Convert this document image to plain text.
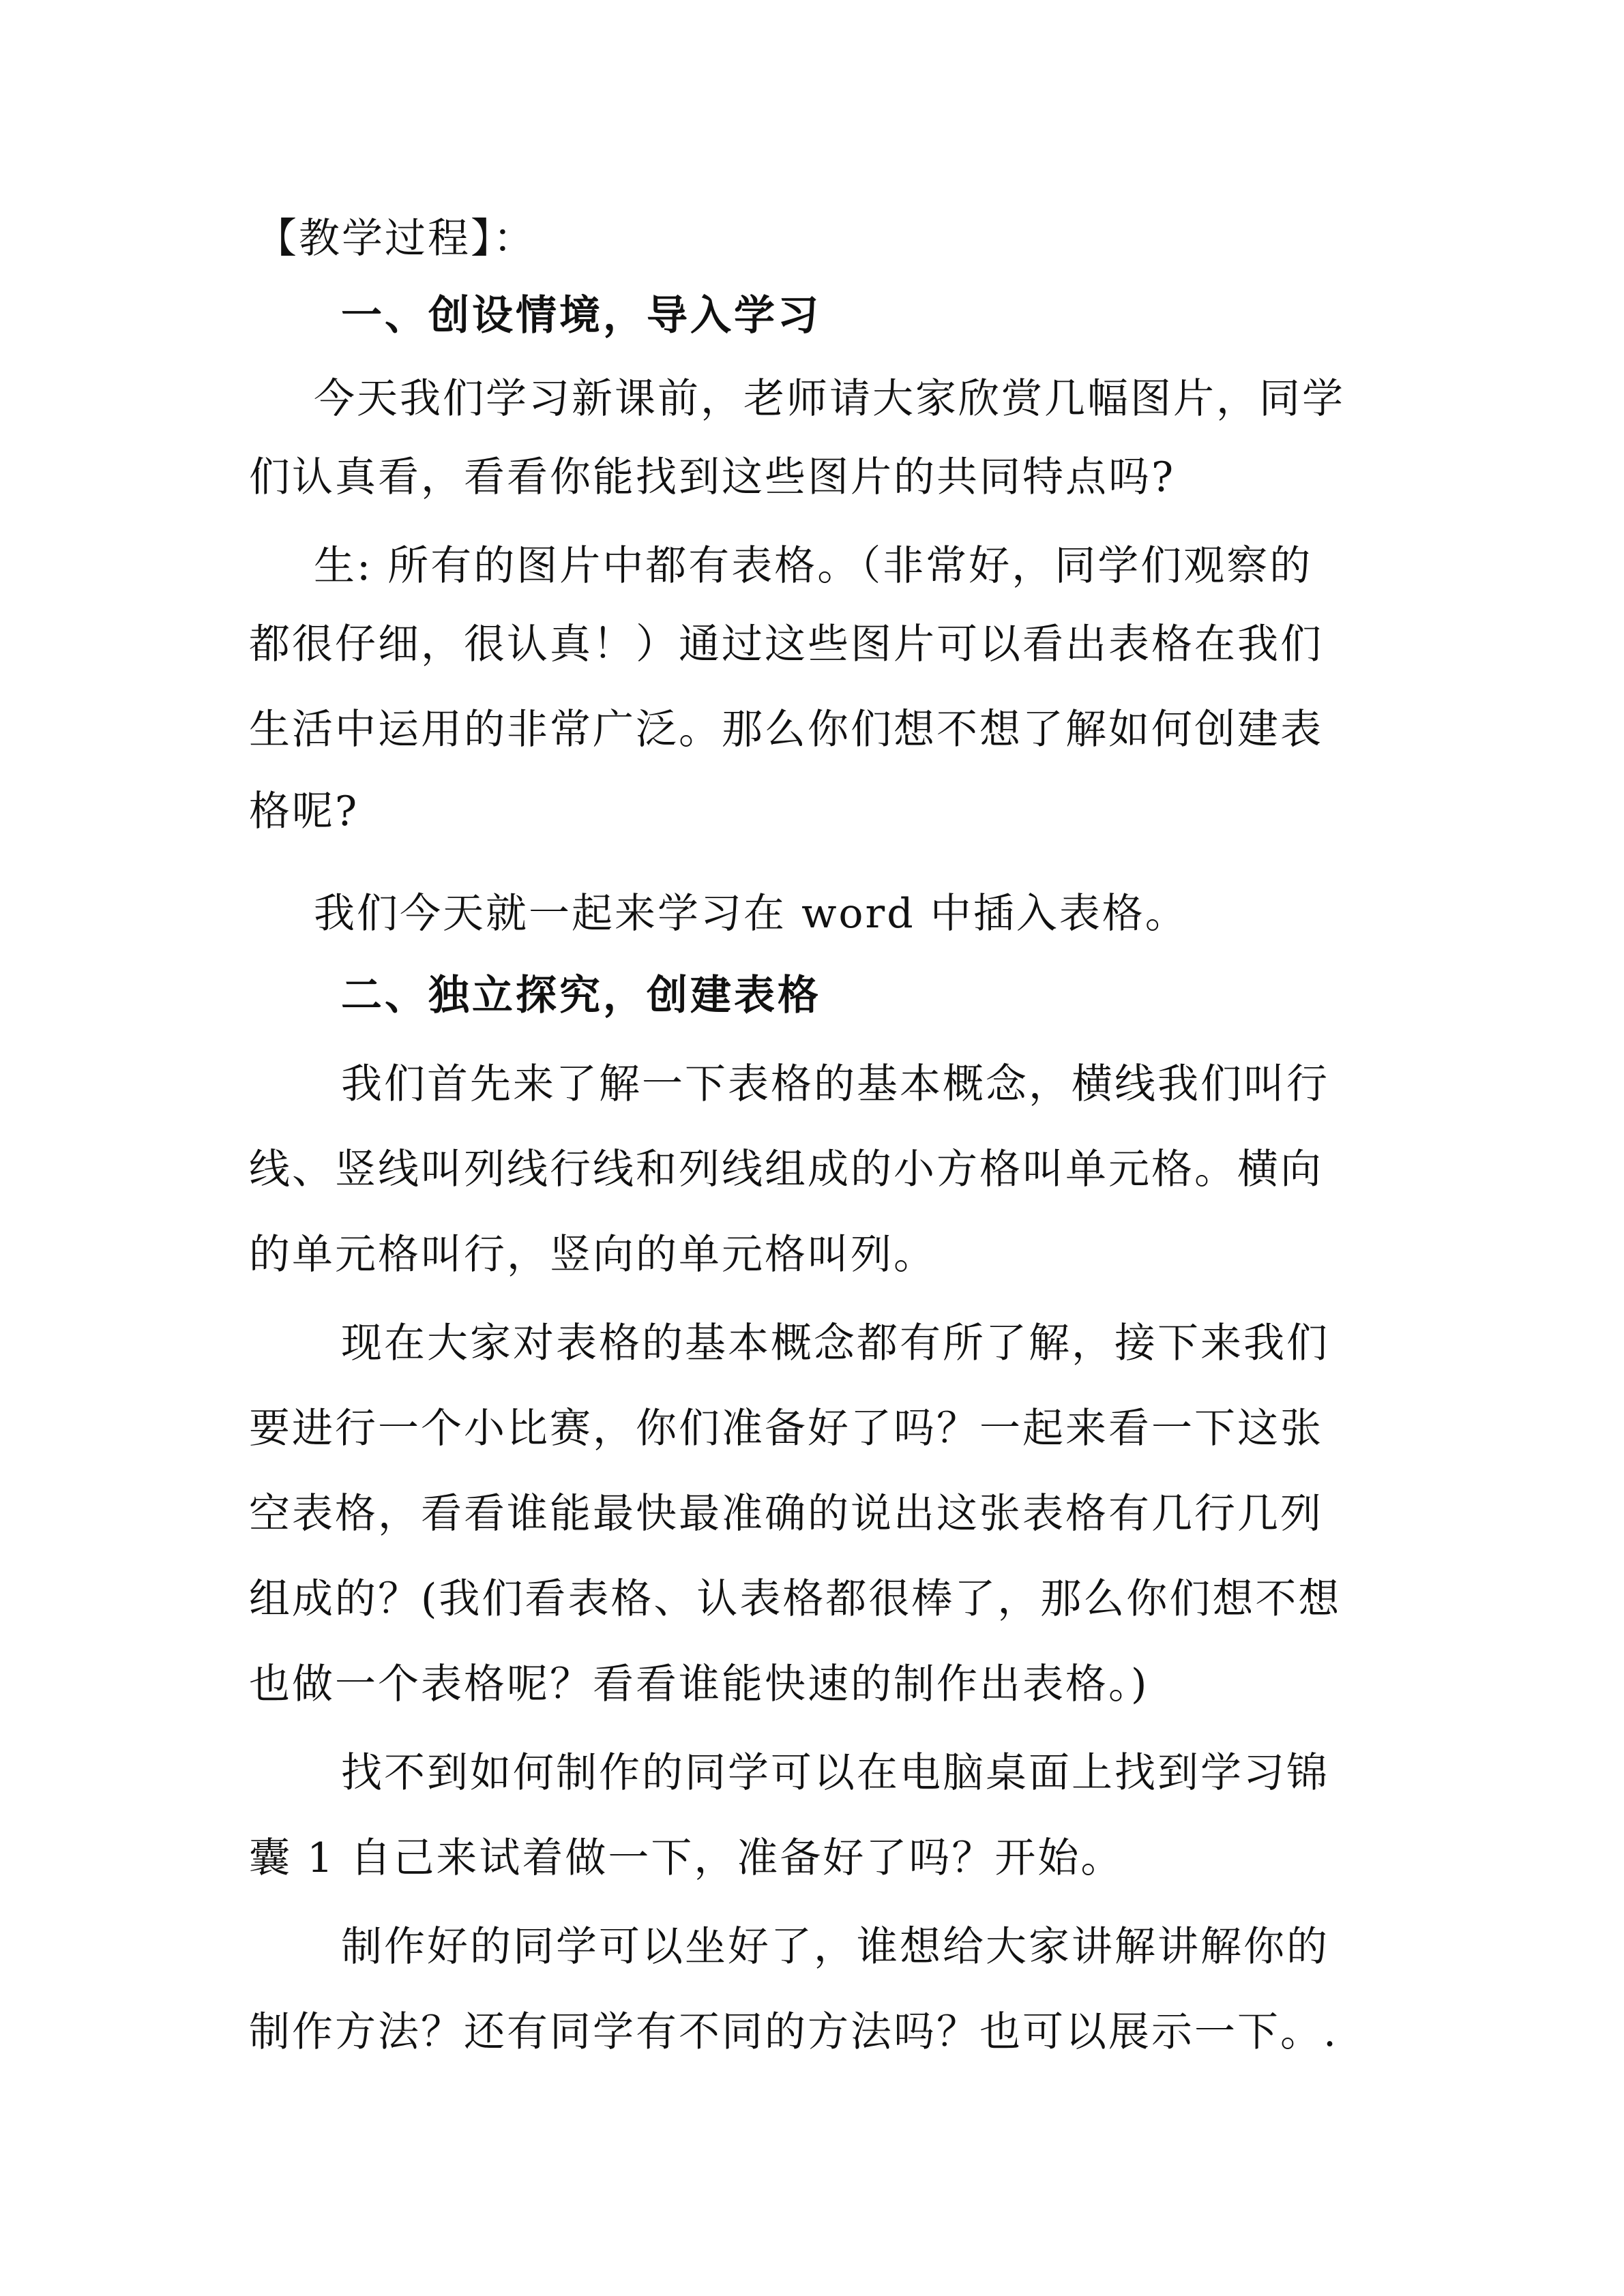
【教学过程】：
一、创设情境，导入学习
今天我们学习新课前，老师请大家欣赏几幅图片，同学
们认真看，看看你能找到这些图片的共同特点吗?
生: 所有的图片中都有表格。（非常好，同学们观察的
都很仔细，很认真！）通过这些图片可以看出表格在我们
生活中运用的非常广泛。那么你们想不想了解如何创建表
格呢?
我们今天就一起来学习在 word 中插入表格。
二、独立探究，创建表格
我们首先来了解一下表格的基本概念，横线我们叫行
线、竖线叫列线行线和列线组成的小方格叫单元格。横向
的单元格叫行，竖向的单元格叫列。
现在大家对表格的基本概念都有所了解，接下来我们
要进行一个小比赛，你们准备好了吗？一起来看一下这张
空表格，看看谁能最快最准确的说出这张表格有几行几列
组成的？(我们看表格、认表格都很棒了，那么你们想不想
也做一个表格呢？看看谁能快速的制作出表格。)
找不到如何制作的同学可以在电脑桌面上找到学习锦
囊 1 自己来试着做一下，准备好了吗？开始。
制作好的同学可以坐好了，谁想给大家讲解讲解你的
制作方法？还有同学有不同的方法吗？也可以展示一下。.
